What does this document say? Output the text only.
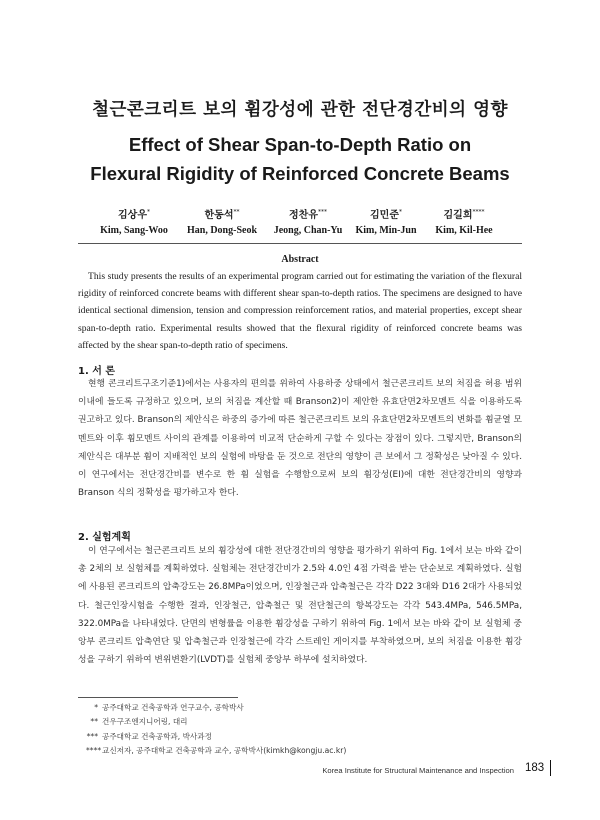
철근콘크리트 보의 휨강성에 관한 전단경간비의 영향
Effect of Shear Span-to-Depth Ratio on
Flexural Rigidity of Reinforced Concrete Beams
김상우*
Kim, Sang-Woo
한동석**
Han, Dong-Seok
정찬유***
Jeong, Chan-Yu
김민준*
Kim, Min-Jun
김길희****
Kim, Kil-Hee
Abstract

This study presents the results of an experimental program carried out for estimating the variation of the flexural rigidity of reinforced concrete beams with different shear span-to-depth ratios. The specimens are designed to have identical sectional dimension, tension and compression reinforcement ratios, and material properties, except shear span-to-depth ratio. Experimental results showed that the flexural rigidity of reinforced concrete beams was affected by the shear span-to-depth ratio of specimens.

1. 서 론

현행 콘크리트구조기준1)에서는 사용자의 편의를 위하여 사용하중 상태에서 철근콘크리트 보의 처짐을 허용 범위 이내에 들도록 규정하고 있으며, 보의 처짐을 계산할 때 Branson2)이 제안한 유효단면2차모멘트 식을 이용하도록 권고하고 있다. Branson의 제안식은 하중의 증가에 따른 철근콘크리트 보의 유효단면2차모멘트의 변화를 휨균열 모멘트와 이후 휨모멘트 사이의 관계를 이용하여 비교적 단순하게 구할 수 있다는 장점이 있다. 그렇지만, Branson의 제안식은 대부분 휨이 지배적인 보의 실험에 바탕을 둔 것으로 전단의 영향이 큰 보에서 그 정확성은 낮아질 수 있다. 이 연구에서는 전단경간비를 변수로 한 휨 실험을 수행함으로써 보의 휨강성(EI)에 대한 전단경간비의 영향과 Branson 식의 정확성을 평가하고자 한다.

2. 실험계획

이 연구에서는 철근콘크리트 보의 휨강성에 대한 전단경간비의 영향을 평가하기 위하여 Fig. 1에서 보는 바와 같이 총 2체의 보 실험체를 계획하였다. 실험체는 전단경간비가 2.5와 4.0인 4점 가력을 받는 단순보로 계획하였다. 실험에 사용된 콘크리트의 압축강도는 26.8MPa이었으며, 인장철근과 압축철근은 각각 D22 3대와 D16 2대가 사용되었다. 철근인장시험을 수행한 결과, 인장철근, 압축철근 및 전단철근의 항복강도는 각각 543.4MPa, 546.5MPa, 322.0MPa을 나타내었다. 단면의 변형률을 이용한 휨강성을 구하기 위하여 Fig. 1에서 보는 바와 같이 보 실험체 중앙부 콘크리트 압축연단 및 압축철근과 인장철근에 각각 스트레인 게이지를 부착하였으며, 보의 처짐을 이용한 휨강성을 구하기 위하여 변위변환기(LVDT)를 실험체 중앙부 하부에 설치하였다.

* 공주대학교 건축공학과 연구교수, 공학박사
** 건우구조엔지니어링, 대리
*** 공주대학교 건축공학과, 박사과정
****교신저자, 공주대학교 건축공학과 교수, 공학박사(kimkh@kongju.ac.kr)
Korea Institute for Structural Maintenance and Inspection 183
